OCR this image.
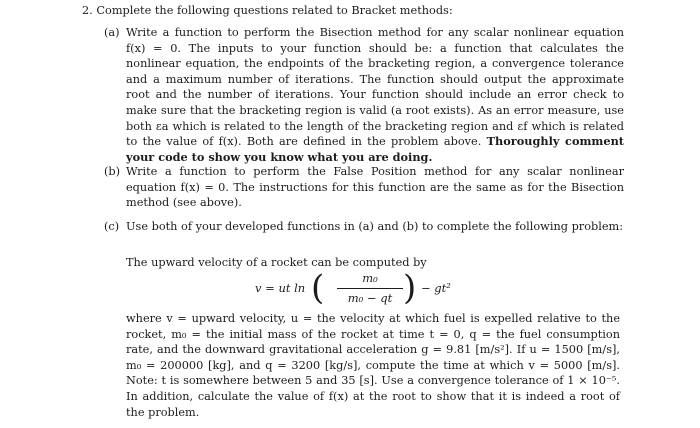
2. Complete the following questions related to Bracket methods:
(a) Write a function to perform the Bisection method for any scalar nonlinear equation f(x) = 0. The inputs to your function should be: a function that calculates the nonlinear equation, the endpoints of the bracketing region, a convergence tolerance and a maximum number of iterations. The function should output the approximate root and the number of iterations. Your function should include an error check to make sure that the bracketing region is valid (a root exists). As an error measure, use both εa which is related to the length of the bracketing region and εf which is related to the value of f(x). Both are defined in the problem above. Thoroughly comment your code to show you know what you are doing.
(b) Write a function to perform the False Position method for any scalar nonlinear equation f(x) = 0. The instructions for this function are the same as for the Bisection method (see above).
(c) Use both of your developed functions in (a) and (b) to complete the following problem:
The upward velocity of a rocket can be computed by
v = ut ln (	m₀
m₀ − qt ) − gt²
where v = upward velocity, u = the velocity at which fuel is expelled relative to the rocket, m₀ = the initial mass of the rocket at time t = 0, q = the fuel consumption rate, and the downward gravitational acceleration g = 9.81 [m/s²]. If u = 1500 [m/s], m₀ = 200000 [kg], and q = 3200 [kg/s], compute the time at which v = 5000 [m/s]. Note: t is somewhere between 5 and 35 [s]. Use a convergence tolerance of 1 × 10⁻⁵. In addition, calculate the value of f(x) at the root to show that it is indeed a root of the problem.
